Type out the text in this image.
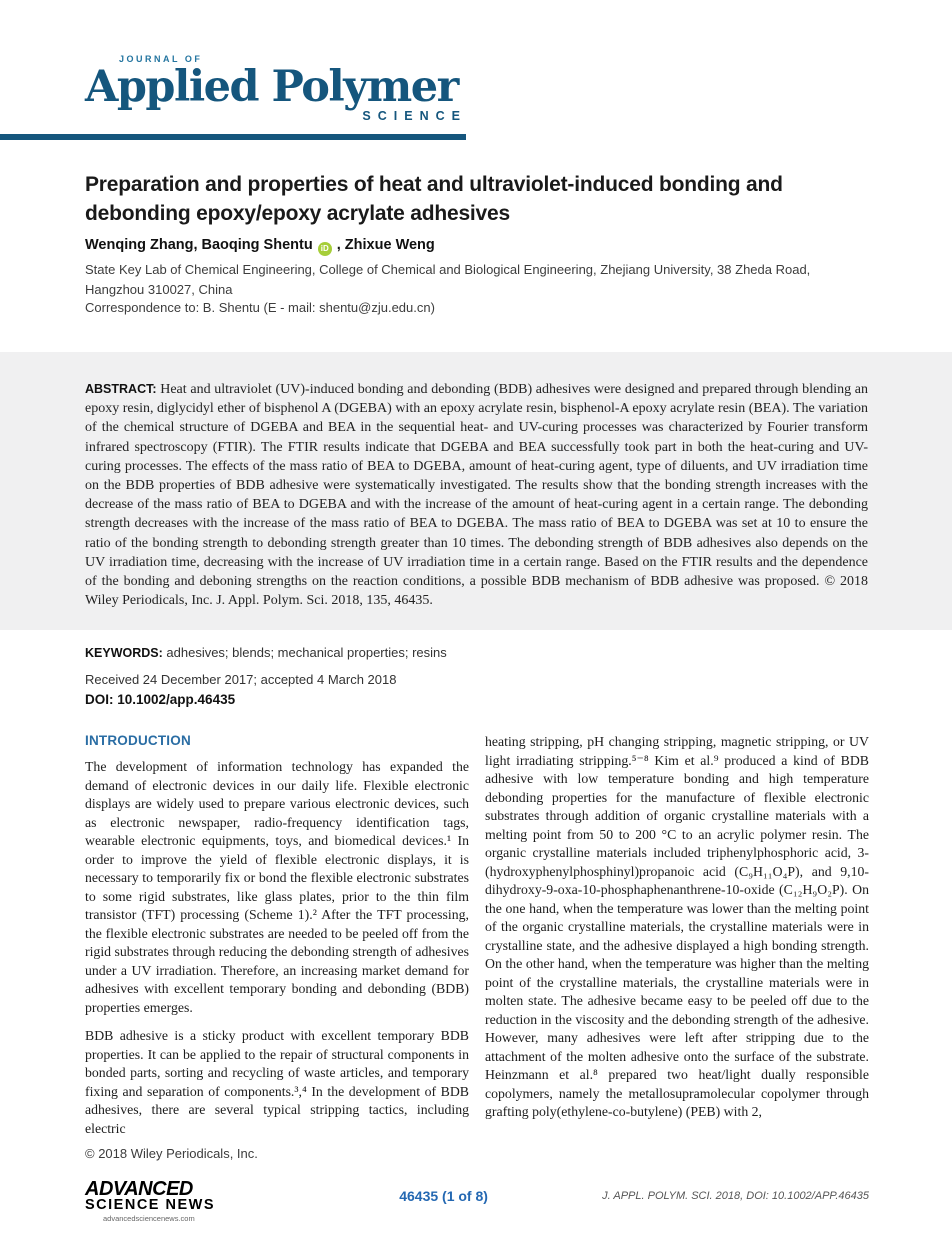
JOURNAL OF
Applied Polymer
SCIENCE
Preparation and properties of heat and ultraviolet-induced bonding and debonding epoxy/epoxy acrylate adhesives
Wenqing Zhang, Baoqing Shentu iD , Zhixue Weng
State Key Lab of Chemical Engineering, College of Chemical and Biological Engineering, Zhejiang University, 38 Zheda Road, Hangzhou 310027, China
Correspondence to: B. Shentu (E - mail: shentu@zju.edu.cn)

ABSTRACT: Heat and ultraviolet (UV)-induced bonding and debonding (BDB) adhesives were designed and prepared through blending an epoxy resin, diglycidyl ether of bisphenol A (DGEBA) with an epoxy acrylate resin, bisphenol-A epoxy acrylate resin (BEA). The variation of the chemical structure of DGEBA and BEA in the sequential heat- and UV-curing processes was characterized by Fourier transform infrared spectroscopy (FTIR). The FTIR results indicate that DGEBA and BEA successfully took part in both the heat-curing and UV-curing processes. The effects of the mass ratio of BEA to DGEBA, amount of heat-curing agent, type of diluents, and UV irradiation time on the BDB properties of BDB adhesive were systematically investigated. The results show that the bonding strength increases with the decrease of the mass ratio of BEA to DGEBA and with the increase of the amount of heat-curing agent in a certain range. The debonding strength decreases with the increase of the mass ratio of BEA to DGEBA. The mass ratio of BEA to DGEBA was set at 10 to ensure the ratio of the bonding strength to debonding strength greater than 10 times. The debonding strength of BDB adhesives also depends on the UV irradiation time, decreasing with the increase of UV irradiation time in a certain range. Based on the FTIR results and the dependence of the bonding and deboning strengths on the reaction conditions, a possible BDB mechanism of BDB adhesive was proposed. © 2018 Wiley Periodicals, Inc. J. Appl. Polym. Sci. 2018, 135, 46435.

KEYWORDS: adhesives; blends; mechanical properties; resins
Received 24 December 2017; accepted 4 March 2018
DOI: 10.1002/app.46435
INTRODUCTION

The development of information technology has expanded the demand of electronic devices in our daily life. Flexible electronic displays are widely used to prepare various electronic devices, such as electronic newspaper, radio-frequency identification tags, wearable electronic equipments, toys, and biomedical devices.¹ In order to improve the yield of flexible electronic displays, it is necessary to temporarily fix or bond the flexible electronic substrates to some rigid substrates, like glass plates, prior to the thin film transistor (TFT) processing (Scheme 1).² After the TFT processing, the flexible electronic substrates are needed to be peeled off from the rigid substrates through reducing the debonding strength of adhesives under a UV irradiation. Therefore, an increasing market demand for adhesives with excellent temporary bonding and debonding (BDB) properties emerges.

BDB adhesive is a sticky product with excellent temporary BDB properties. It can be applied to the repair of structural components in bonded parts, sorting and recycling of waste articles, and temporary fixing and separation of components.³,⁴ In the development of BDB adhesives, there are several typical stripping tactics, including electric

heating stripping, pH changing stripping, magnetic stripping, or UV light irradiating stripping.⁵⁻⁸ Kim et al.⁹ produced a kind of BDB adhesive with low temperature bonding and high temperature debonding properties for the manufacture of flexible electronic substrates through addition of organic crystalline materials with a melting point from 50 to 200 °C to an acrylic polymer resin. The organic crystalline materials included triphenylphosphoric acid, 3-(hydroxyphenylphosphinyl)propanoic acid (C₉H₁₁O₄P), and 9,10-dihydroxy-9-oxa-10-phosphaphenanthrene-10-oxide (C₁₂H₉O₂P). On the one hand, when the temperature was lower than the melting point of the organic crystalline materials, the crystalline materials were in crystalline state, and the adhesive displayed a high bonding strength. On the other hand, when the temperature was higher than the melting point of the crystalline materials, the crystalline materials were in molten state. The adhesive became easy to be peeled off due to the reduction in the viscosity and the debonding strength of the adhesive. However, many adhesives were left after stripping due to the attachment of the molten adhesive onto the surface of the substrate. Heinzmann et al.⁸ prepared two heat/light dually responsible copolymers, namely the metallosupramolecular copolymer through grafting poly(ethylene-co-butylene) (PEB) with 2,

© 2018 Wiley Periodicals, Inc.
ADVANCED
SCIENCE NEWS
advancedsciencenews.com
46435 (1 of 8)	J. APPL. POLYM. SCI. 2018, DOI: 10.1002/APP.46435
